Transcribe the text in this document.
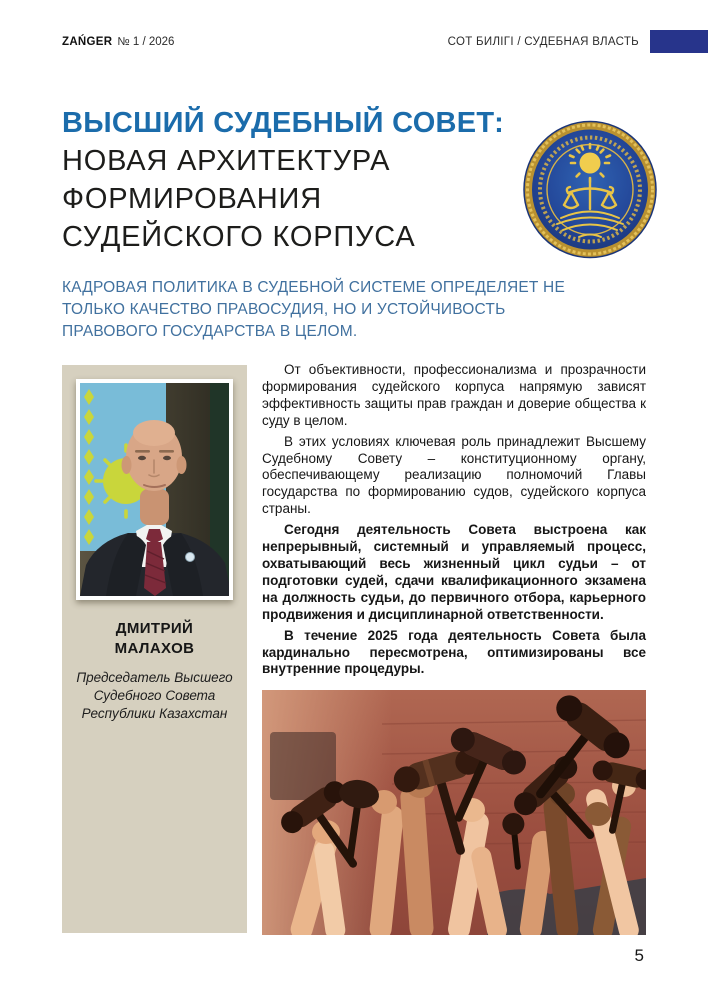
ZAŃGER № 1 / 2026	СОТ БИЛІГІ / СУДЕБНАЯ ВЛАСТЬ
ВЫСШИЙ СУДЕБНЫЙ СОВЕТ:
НОВАЯ АРХИТЕКТУРА
ФОРМИРОВАНИЯ
СУДЕЙСКОГО КОРПУСА
КАДРОВАЯ ПОЛИТИКА В СУДЕБНОЙ СИСТЕМЕ ОПРЕДЕЛЯЕТ НЕ ТОЛЬКО КАЧЕСТВО ПРАВОСУДИЯ, НО И УСТОЙЧИВОСТЬ ПРАВОВОГО ГОСУДАРСТВА В ЦЕЛОМ.
ДМИТРИЙ МАЛАХОВ
Председатель Высшего Судебного Совета Республики Казахстан

От объективности, профессионализма и прозрачности формирования судейского корпуса напрямую зависят эффективность защиты прав граждан и доверие общества к суду в целом.

В этих условиях ключевая роль принадлежит Высшему Судебному Совету – конституционному органу, обеспечивающему реализацию полномочий Главы государства по формированию судов, судейского корпуса страны.

Сегодня деятельность Совета выстроена как непрерывный, системный и управляемый процесс, охватывающий весь жизненный цикл судьи – от подготовки судей, сдачи квалификационного экзамена на должность судьи, до первичного отбора, карьерного продвижения и дисциплинарной ответственности.

В течение 2025 года деятельность Совета была кардинально пересмотрена, оптимизированы все внутренние процедуры.

5
